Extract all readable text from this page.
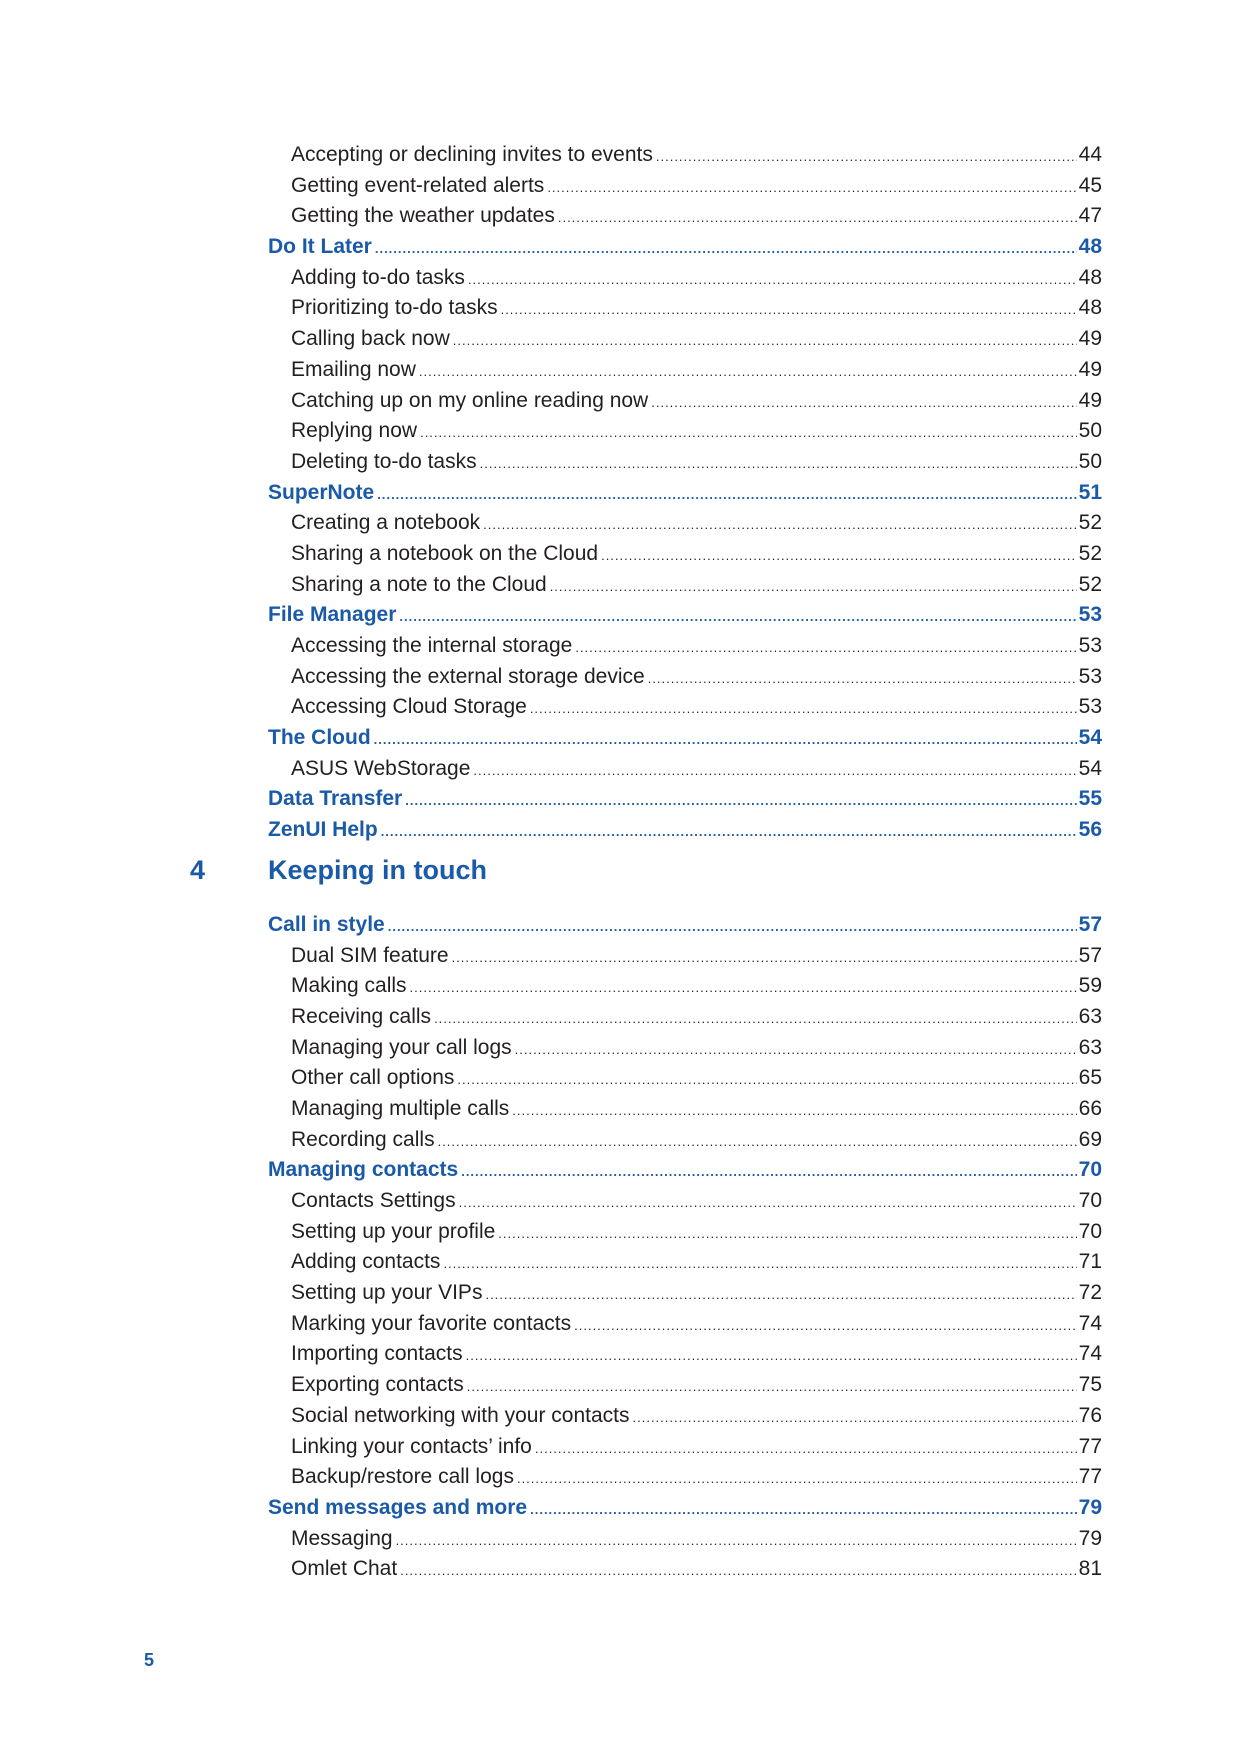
Accepting or declining invites to events .....	44
Getting event-related alerts .....	45
Getting the weather updates .....	47
Do It Later .....	48
Adding to-do tasks .....	48
Prioritizing to-do tasks .....	48
Calling back now .....	49
Emailing now .....	49
Catching up on my online reading now .....	49
Replying now .....	50
Deleting to-do tasks .....	50
SuperNote .....	51
Creating a notebook .....	52
Sharing a notebook on the Cloud .....	52
Sharing a note to the Cloud .....	52
File Manager .....	53
Accessing the internal storage .....	53
Accessing the external storage device .....	53
Accessing Cloud Storage .....	53
The Cloud .....	54
ASUS WebStorage .....	54
Data Transfer .....	55
ZenUI Help .....	56
4	Keeping in touch
Call in style .....	57
Dual SIM feature .....	57
Making calls .....	59
Receiving calls .....	63
Managing your call logs .....	63
Other call options .....	65
Managing multiple calls .....	66
Recording calls .....	69
Managing contacts .....	70
Contacts Settings .....	70
Setting up your profile .....	70
Adding contacts .....	71
Setting up your VIPs .....	72
Marking your favorite contacts .....	74
Importing contacts .....	74
Exporting contacts .....	75
Social networking with your contacts .....	76
Linking your contacts’ info .....	77
Backup/restore call logs .....	77
Send messages and more .....	79
Messaging .....	79
Omlet Chat .....	81
5
